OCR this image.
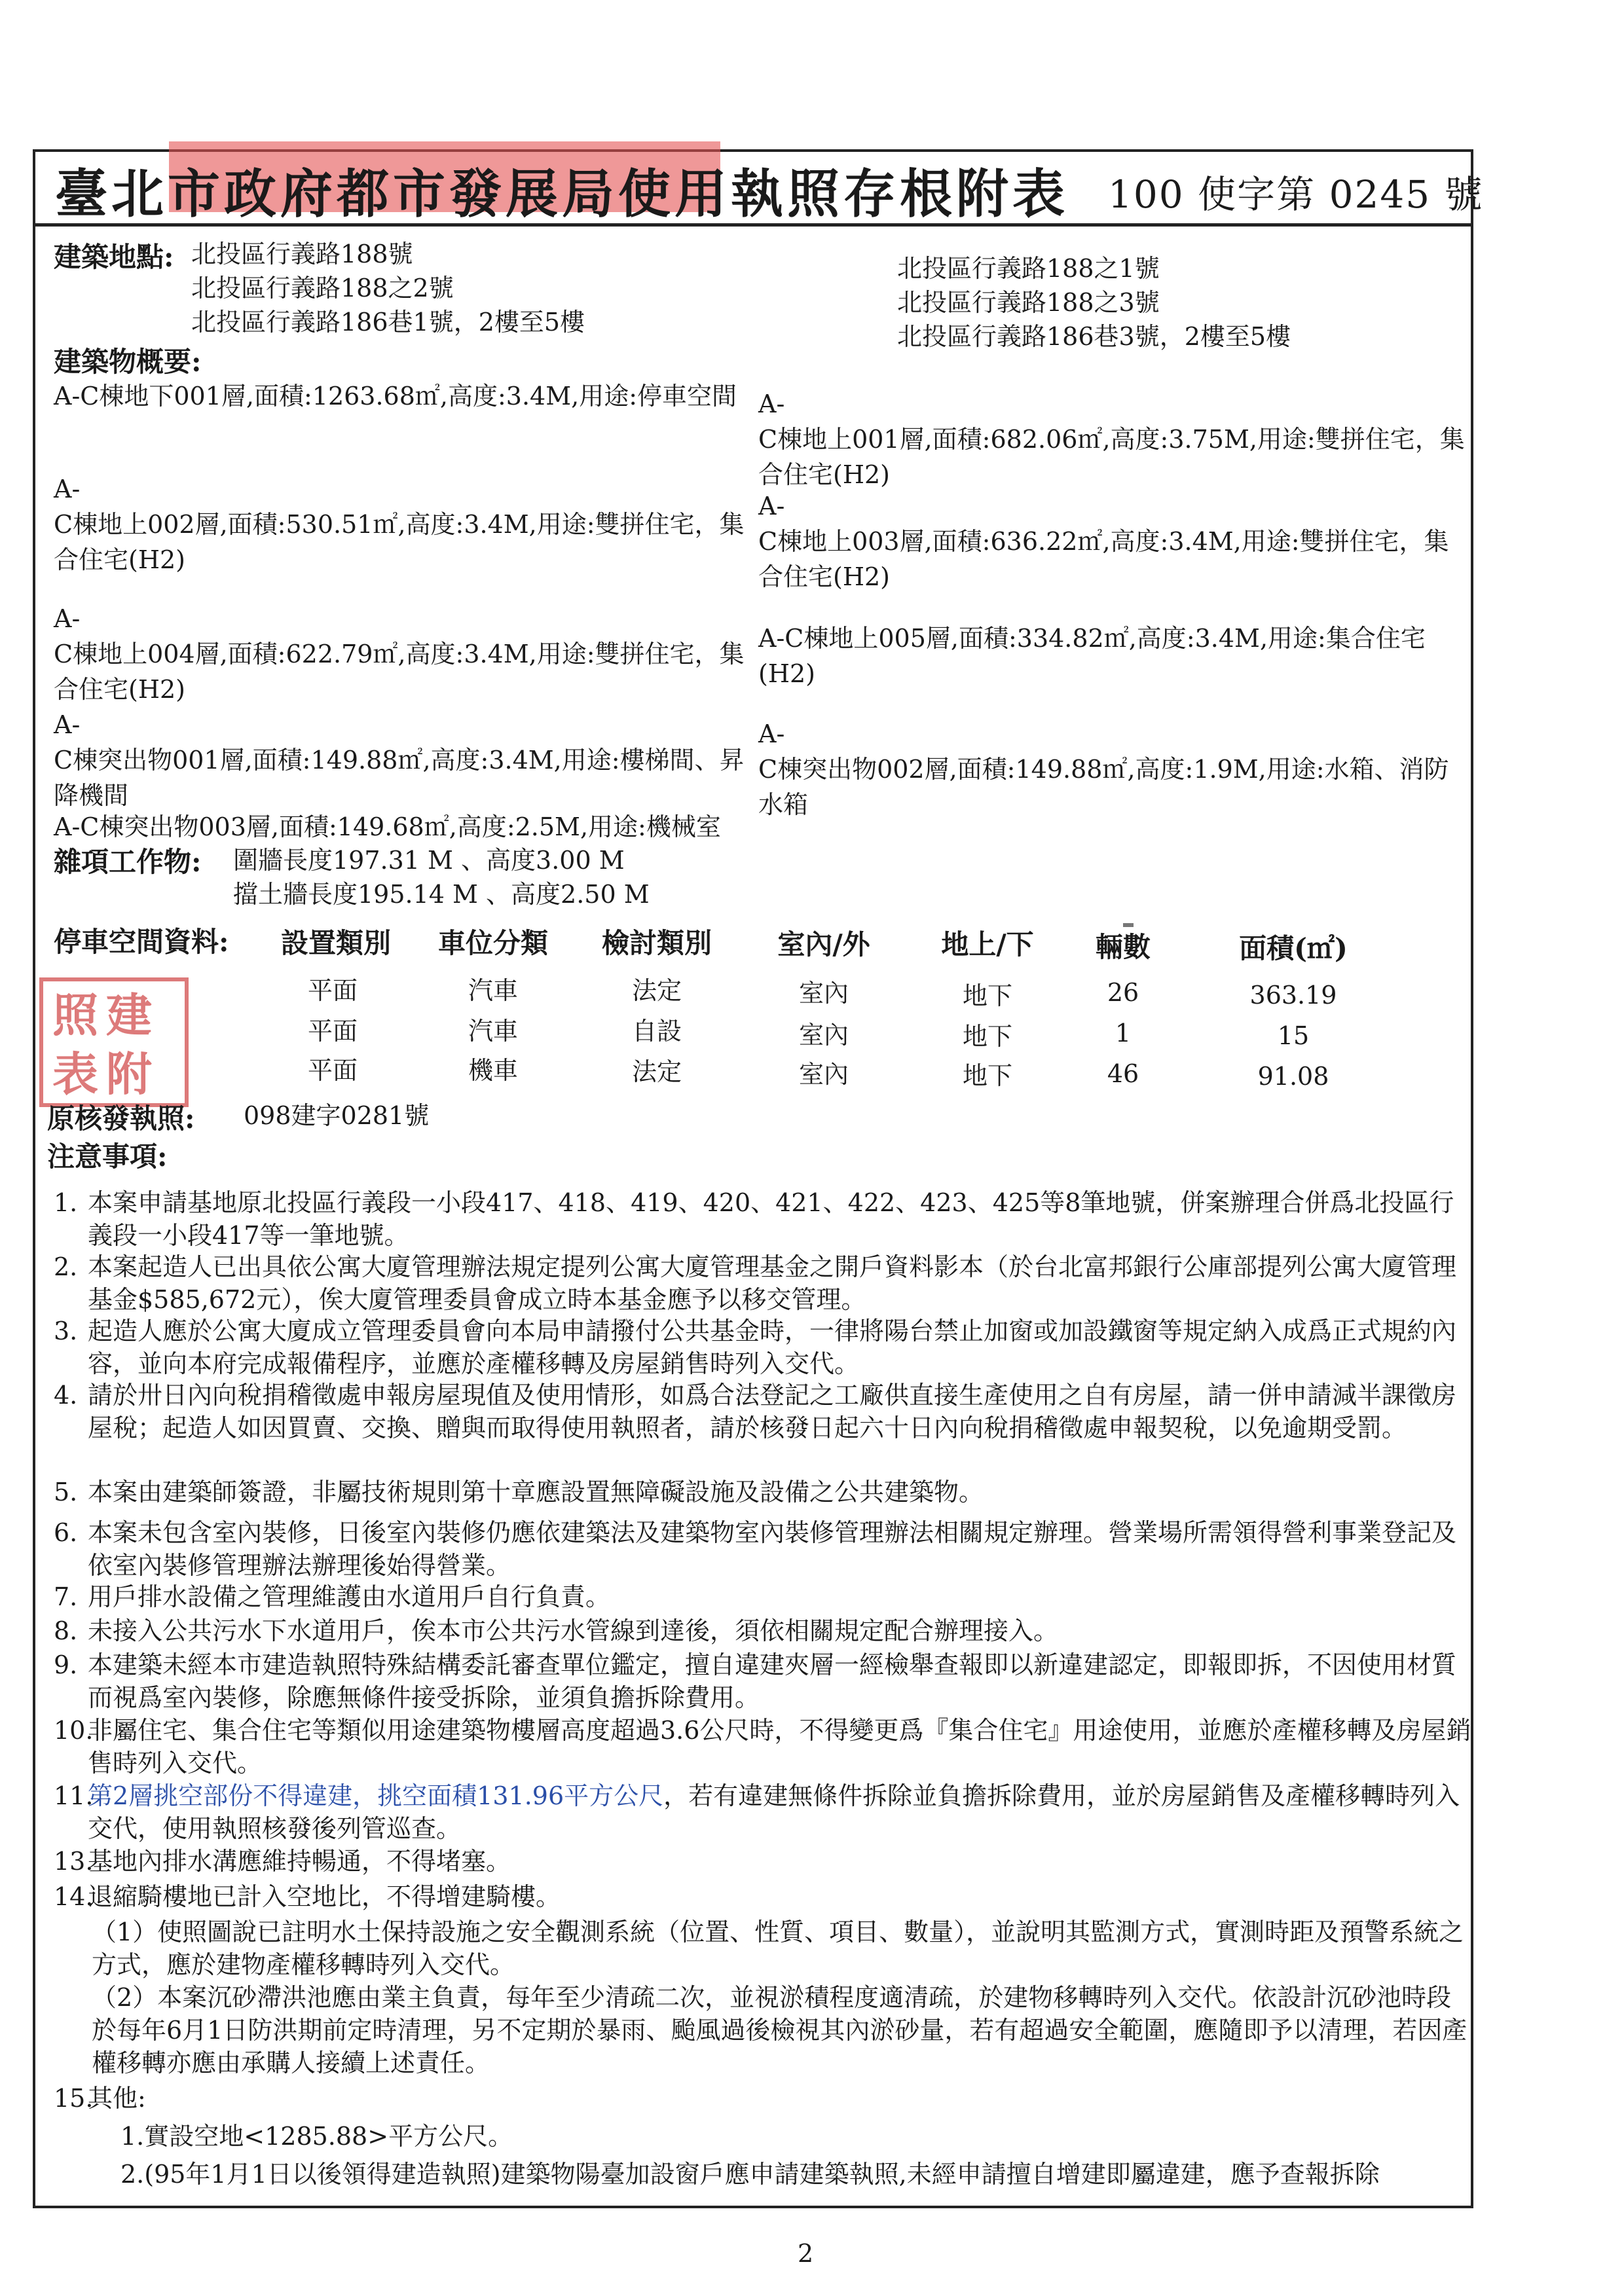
臺北市政府都市發展局使用執照存根附表 100 使字第 0245 號
建築地點: 北投區行義路188號
北投區行義路188之2號
北投區行義路186巷1號，2樓至5樓
北投區行義路188之1號
北投區行義路188之3號
北投區行義路186巷3號，2樓至5樓
建築物概要:
A-C棟地下001層,面積:1263.68㎡,高度:3.4M,用途:停車空間
A-
C棟地上002層,面積:530.51㎡,高度:3.4M,用途:雙拼住宅，集合住宅(H2)
A-
C棟地上004層,面積:622.79㎡,高度:3.4M,用途:雙拼住宅，集合住宅(H2)
A-
C棟突出物001層,面積:149.88㎡,高度:3.4M,用途:樓梯間、昇降機間
A-C棟突出物003層,面積:149.68㎡,高度:2.5M,用途:機械室
A-
C棟地上001層,面積:682.06㎡,高度:3.75M,用途:雙拼住宅，集合住宅(H2)
A-
C棟地上003層,面積:636.22㎡,高度:3.4M,用途:雙拼住宅，集合住宅(H2)
A-C棟地上005層,面積:334.82㎡,高度:3.4M,用途:集合住宅(H2)
A-
C棟突出物002層,面積:149.88㎡,高度:1.9M,用途:水箱、消防水箱
雜項工作物: 圍牆長度197.31 M 、高度3.00 M
擋土牆長度195.14 M 、高度2.50 M
停車空間資料:	設置類別	車位分類	檢討類別	室內/外	地上/下	輛數	面積(㎡)
平面	汽車	法定	室內	地下	26	363.19
平面	汽車	自設	室內	地下	1	15
平面	機車	法定	室內	地下	46	91.08
建
照
附
表
原核發執照: 098建字0281號
注意事項:
1. 本案申請基地原北投區行義段一小段417、418、419、420、421、422、423、425等8筆地號，併案辦理合併爲北投區行義段一小段417等一筆地號。
2. 本案起造人已出具依公寓大廈管理辦法規定提列公寓大廈管理基金之開戶資料影本（於台北富邦銀行公庫部提列公寓大廈管理基金$585,672元），俟大廈管理委員會成立時本基金應予以移交管理。
3. 起造人應於公寓大廈成立管理委員會向本局申請撥付公共基金時，一律將陽台禁止加窗或加設鐵窗等規定納入成爲正式規約內容，並向本府完成報備程序，並應於產權移轉及房屋銷售時列入交代。
4. 請於卅日內向稅捐稽徵處申報房屋現值及使用情形，如爲合法登記之工廠供直接生產使用之自有房屋，請一併申請減半課徵房屋稅；起造人如因買賣、交換、贈與而取得使用執照者，請於核發日起六十日內向稅捐稽徵處申報契稅，以免逾期受罰。
5. 本案由建築師簽證，非屬技術規則第十章應設置無障礙設施及設備之公共建築物。
6. 本案未包含室內裝修，日後室內裝修仍應依建築法及建築物室內裝修管理辦法相關規定辦理。營業場所需領得營利事業登記及依室內裝修管理辦法辦理後始得營業。
7. 用戶排水設備之管理維護由水道用戶自行負責。
8. 未接入公共污水下水道用戶，俟本市公共污水管線到達後，須依相關規定配合辦理接入。
9. 本建築未經本市建造執照特殊結構委託審查單位鑑定，擅自違建夾層一經檢舉查報即以新違建認定，即報即拆，不因使用材質而視爲室內裝修，除應無條件接受拆除，並須負擔拆除費用。
10.
非屬住宅、集合住宅等類似用途建築物樓層高度超過3.6公尺時，不得變更爲『集合住宅』用途使用，並應於產權移轉及房屋銷售時列入交代。
11.
第2層挑空部份不得違建，挑空面積131.96平方公尺，若有違建無條件拆除並負擔拆除費用，並於房屋銷售及產權移轉時列入交代，使用執照核發後列管巡查。
13.
基地內排水溝應維持暢通，不得堵塞。
14.
退縮騎樓地已計入空地比，不得增建騎樓。
（1）使照圖說已註明水土保持設施之安全觀測系統（位置、性質、項目、數量），並說明其監測方式，實測時距及預警系統之方式，應於建物產權移轉時列入交代。
（2）本案沉砂滯洪池應由業主負責，每年至少清疏二次，並視淤積程度適清疏，於建物移轉時列入交代。依設計沉砂池時段於每年6月1日防洪期前定時清理，另不定期於暴雨、颱風過後檢視其內淤砂量，若有超過安全範圍，應隨即予以清理，若因產權移轉亦應由承購人接續上述責任。
15.
其他:
1.實設空地<1285.88>平方公尺。
2.(95年1月1日以後領得建造執照)建築物陽臺加設窗戶應申請建築執照,未經申請擅自增建即屬違建，應予查報拆除
2
